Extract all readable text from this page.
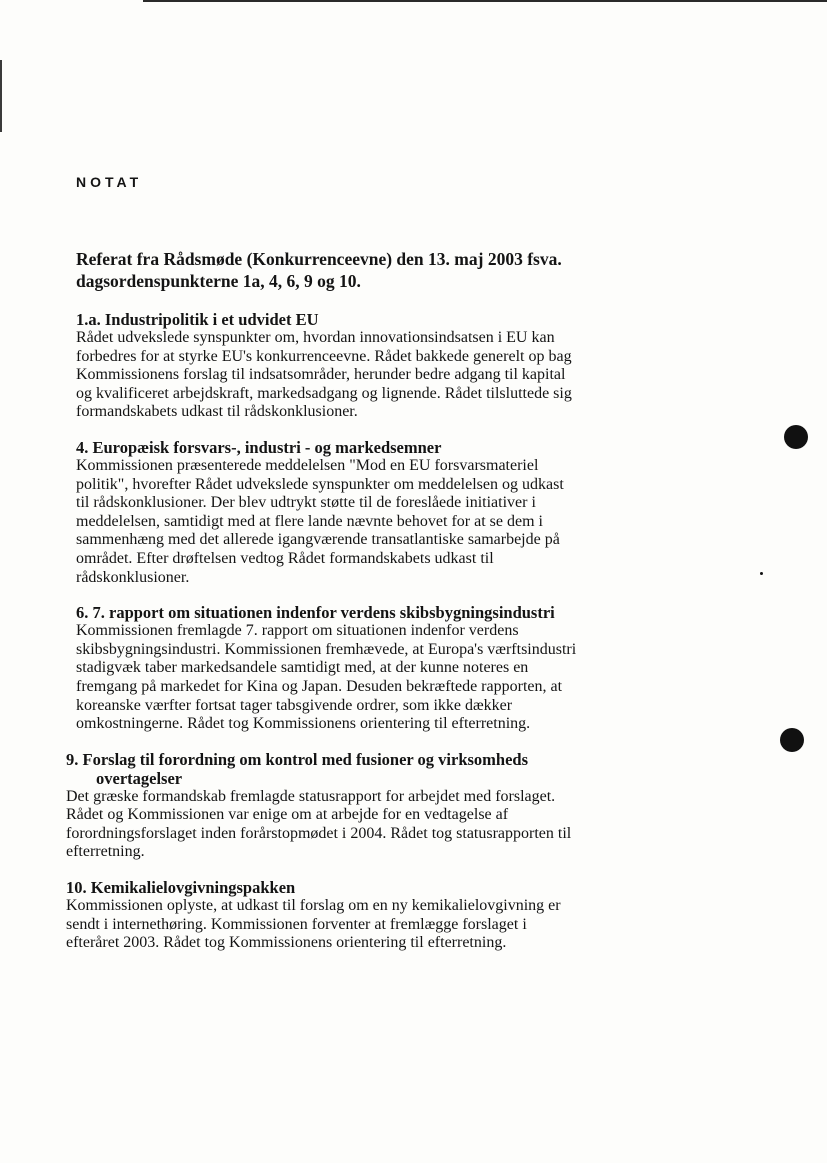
NOTAT

Referat fra Rådsmøde (Konkurrenceevne) den 13. maj 2003 fsva. dagsordenspunkterne 1a, 4, 6, 9 og 10.

1.a. Industripolitik i et udvidet EU

Rådet udvekslede synspunkter om, hvordan innovationsindsatsen i EU kan forbedres for at styrke EU's konkurrenceevne. Rådet bakkede generelt op bag Kommissionens forslag til indsatsområder, herunder bedre adgang til kapital og kvalificeret arbejdskraft, markedsadgang og lignende. Rådet tilsluttede sig formandskabets udkast til rådskonklusioner.

4. Europæisk forsvars-, industri - og markedsemner

Kommissionen præsenterede meddelelsen "Mod en EU forsvarsmateriel politik", hvorefter Rådet udvekslede synspunkter om meddelelsen og udkast til rådskonklusioner. Der blev udtrykt støtte til de foreslåede initiativer i meddelelsen, samtidigt med at flere lande nævnte behovet for at se dem i sammenhæng med det allerede igangværende transatlantiske samarbejde på området. Efter drøftelsen vedtog Rådet formandskabets udkast til rådskonklusioner.

6. 7. rapport om situationen indenfor verdens skibsbygningsindustri

Kommissionen fremlagde 7. rapport om situationen indenfor verdens skibsbygningsindustri. Kommissionen fremhævede, at Europa's værftsindustri stadigvæk taber markedsandele samtidigt med, at der kunne noteres en fremgang på markedet for Kina og Japan. Desuden bekræftede rapporten, at koreanske værfter fortsat tager tabsgivende ordrer, som ikke dækker omkostningerne. Rådet tog Kommissionens orientering til efterretning.

9. Forslag til forordning om kontrol med fusioner og virksomheds

overtagelser

Det græske formandskab fremlagde statusrapport for arbejdet med forslaget. Rådet og Kommissionen var enige om at arbejde for en vedtagelse af forordningsforslaget inden forårstopmødet i 2004. Rådet tog statusrapporten til efterretning.

10. Kemikalielovgivningspakken

Kommissionen oplyste, at udkast til forslag om en ny kemikalielovgivning er sendt i internethøring. Kommissionen forventer at fremlægge forslaget i efteråret 2003. Rådet tog Kommissionens orientering til efterretning.
